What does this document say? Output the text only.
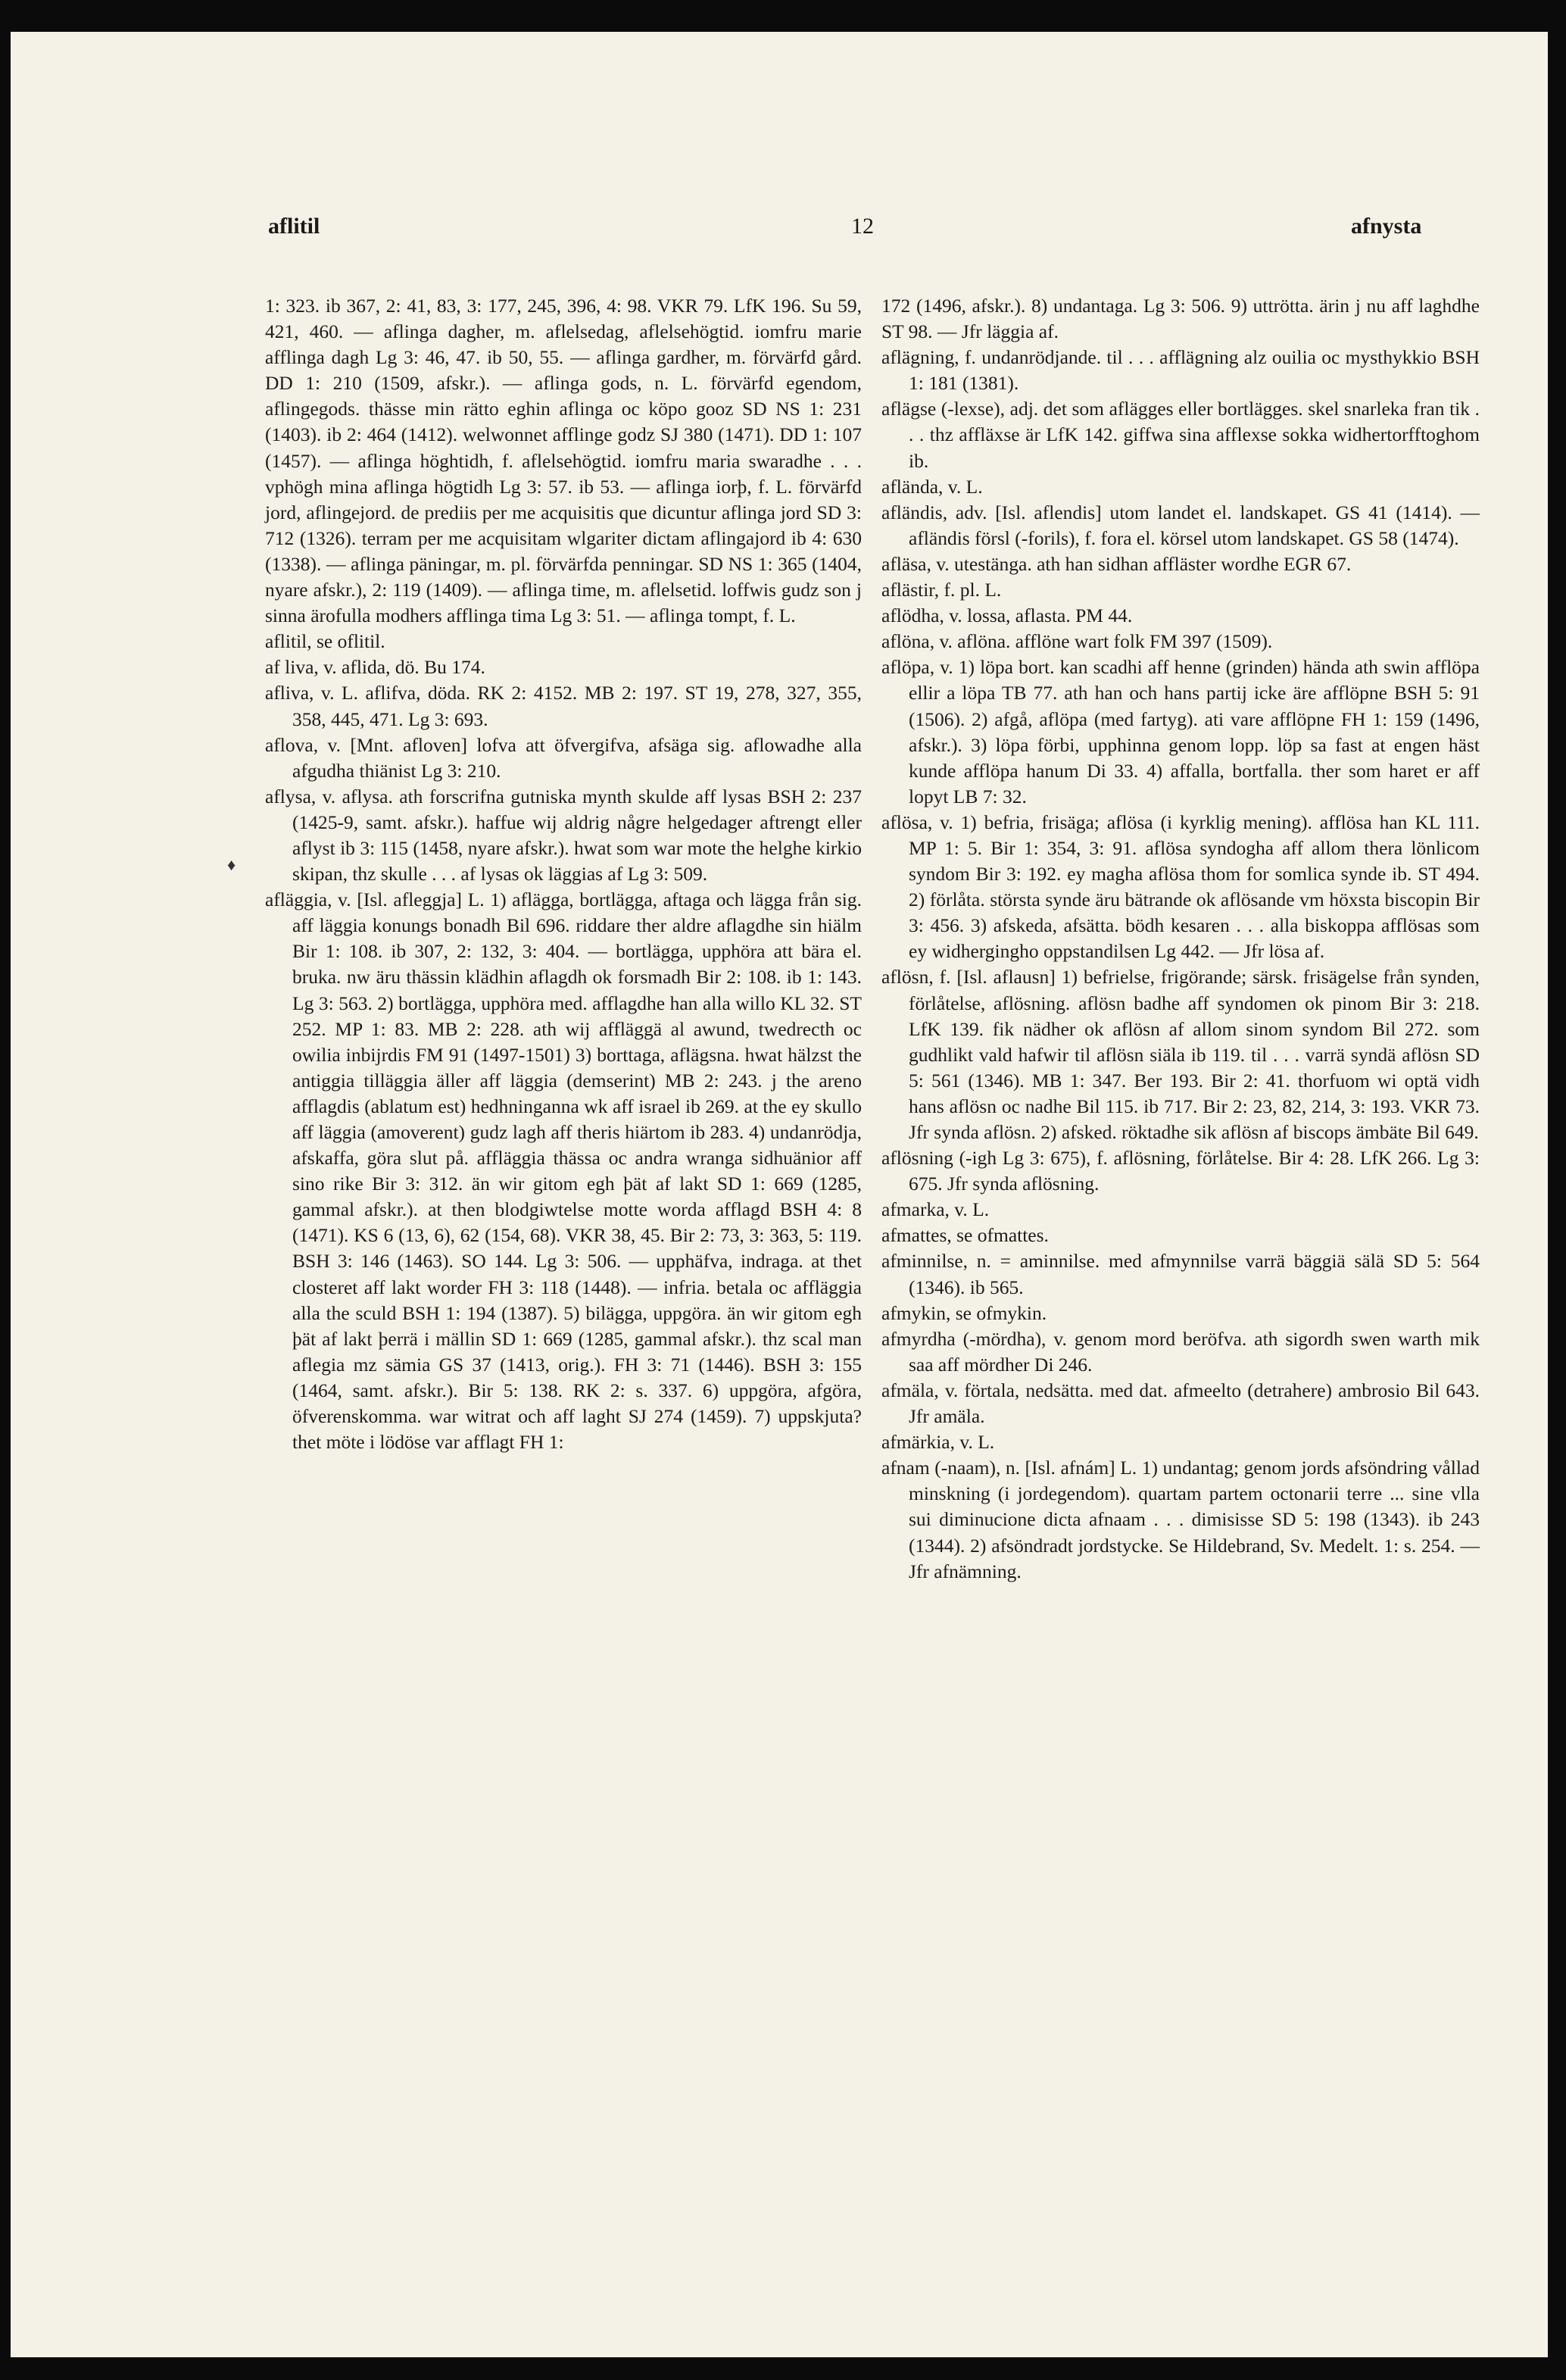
aflitil	12	afnysta
♦

1: 323. ib 367, 2: 41, 83, 3: 177, 245, 396, 4: 98. VKR 79. LfK 196. Su 59, 421, 460. — aflinga dagher, m. aflelsedag, aflelsehögtid. iomfru marie afflinga dagh Lg 3: 46, 47. ib 50, 55. — aflinga gardher, m. förvärfd gård. DD 1: 210 (1509, afskr.). — aflinga gods, n. L. förvärfd egendom, aflingegods. thässe min rätto eghin aflinga oc köpo gooz SD NS 1: 231 (1403). ib 2: 464 (1412). welwonnet afflinge godz SJ 380 (1471). DD 1: 107 (1457). — aflinga höghtidh, f. aflelsehögtid. iomfru maria swaradhe . . . vphögh mina aflinga högtidh Lg 3: 57. ib 53. — aflinga iorþ, f. L. förvärfd jord, aflingejord. de prediis per me acquisitis que dicuntur aflinga jord SD 3: 712 (1326). terram per me acquisitam wlgariter dictam aflingajord ib 4: 630 (1338). — aflinga päningar, m. pl. förvärfda penningar. SD NS 1: 365 (1404, nyare afskr.), 2: 119 (1409). — aflinga time, m. aflelsetid. loffwis gudz son j sinna ärofulla modhers afflinga tima Lg 3: 51. — aflinga tompt, f. L.

aflitil, se oflitil.

af liva, v. aflida, dö. Bu 174.

afliva, v. L. aflifva, döda. RK 2: 4152. MB 2: 197. ST 19, 278, 327, 355, 358, 445, 471. Lg 3: 693.

aflova, v. [Mnt. afloven] lofva att öfvergifva, afsäga sig. aflowadhe alla afgudha thiänist Lg 3: 210.

aflysa, v. aflysa. ath forscrifna gutniska mynth skulde aff lysas BSH 2: 237 (1425-9, samt. afskr.). haffue wij aldrig någre helgedager aftrengt eller aflyst ib 3: 115 (1458, nyare afskr.). hwat som war mote the helghe kirkio skipan, thz skulle . . . af lysas ok läggias af Lg 3: 509.

afläggia, v. [Isl. afleggja] L. 1) aflägga, bortlägga, aftaga och lägga från sig. aff läggia konungs bonadh Bil 696. riddare ther aldre aflagdhe sin hiälm Bir 1: 108. ib 307, 2: 132, 3: 404. — bortlägga, upphöra att bära el. bruka. nw äru thässin klädhin aflagdh ok forsmadh Bir 2: 108. ib 1: 143. Lg 3: 563. 2) bortlägga, upphöra med. afflagdhe han alla willo KL 32. ST 252. MP 1: 83. MB 2: 228. ath wij affläggä al awund, twedrecth oc owilia inbijrdis FM 91 (1497-1501) 3) borttaga, aflägsna. hwat hälzst the antiggia tilläggia äller aff läggia (demserint) MB 2: 243. j the areno afflagdis (ablatum est) hedhninganna wk aff israel ib 269. at the ey skullo aff läggia (amoverent) gudz lagh aff theris hiärtom ib 283. 4) undanrödja, afskaffa, göra slut på. affläggia thässa oc andra wranga sidhuänior aff sino rike Bir 3: 312. än wir gitom egh þät af lakt SD 1: 669 (1285, gammal afskr.). at then blodgiwtelse motte worda afflagd BSH 4: 8 (1471). KS 6 (13, 6), 62 (154, 68). VKR 38, 45. Bir 2: 73, 3: 363, 5: 119. BSH 3: 146 (1463). SO 144. Lg 3: 506. — upphäfva, indraga. at thet closteret aff lakt worder FH 3: 118 (1448). — infria. betala oc affläggia alla the sculd BSH 1: 194 (1387). 5) bilägga, uppgöra. än wir gitom egh þät af lakt þerrä i mällin SD 1: 669 (1285, gammal afskr.). thz scal man aflegia mz sämia GS 37 (1413, orig.). FH 3: 71 (1446). BSH 3: 155 (1464, samt. afskr.). Bir 5: 138. RK 2: s. 337. 6) uppgöra, afgöra, öfverenskomma. war witrat och aff laght SJ 274 (1459). 7) uppskjuta? thet möte i lödöse var afflagt FH 1:

172 (1496, afskr.). 8) undantaga. Lg 3: 506. 9) uttrötta. ärin j nu aff laghdhe ST 98. — Jfr läggia af.

aflägning, f. undanrödjande. til . . . afflägning alz ouilia oc mysthykkio BSH 1: 181 (1381).

aflägse (-lexse), adj. det som aflägges eller bortlägges. skel snarleka fran tik . . . thz affläxse är LfK 142. giffwa sina afflexse sokka widhertorfftoghom ib.

afländа, v. L.

afländis, adv. [Isl. aflendis] utom landet el. landskapet. GS 41 (1414). — afländis försl (-forils), f. fora el. körsel utom landskapet. GS 58 (1474).

afläsa, v. utestänga. ath han sidhan affläster wordhe EGR 67.

aflästir, f. pl. L.

aflödha, v. lossa, aflasta. PM 44.

aflöna, v. aflöna. afflöne wart folk FM 397 (1509).

aflöpa, v. 1) löpa bort. kan scadhi aff henne (grinden) hända ath swin afflöpa ellir a löpa TB 77. ath han och hans partij icke äre afflöpne BSH 5: 91 (1506). 2) afgå, aflöpa (med fartyg). ati vare afflöpne FH 1: 159 (1496, afskr.). 3) löpa förbi, upphinna genom lopp. löp sa fast at engen häst kunde afflöpa hanum Di 33. 4) affalla, bortfalla. ther som haret er aff lopyt LB 7: 32.

aflösa, v. 1) befria, frisäga; aflösa (i kyrklig mening). afflösa han KL 111. MP 1: 5. Bir 1: 354, 3: 91. aflösa syndogha aff allom thera lönlicom syndom Bir 3: 192. ey magha aflösa thom for somlica synde ib. ST 494. 2) förlåta. största synde äru bätrande ok aflösande vm höxsta biscopin Bir 3: 456. 3) afskeda, afsätta. bödh kesaren . . . alla biskoppa afflösas som ey widhergingho oppstandilsen Lg 442. — Jfr lösa af.

aflösn, f. [Isl. aflausn] 1) befrielse, frigörande; särsk. frisägelse från synden, förlåtelse, aflösning. aflösn badhe aff syndomen ok pinom Bir 3: 218. LfK 139. fik nädher ok aflösn af allom sinom syndom Bil 272. som gudhlikt vald hafwir til aflösn siäla ib 119. til . . . varrä syndä aflösn SD 5: 561 (1346). MB 1: 347. Ber 193. Bir 2: 41. thorfuom wi optä vidh hans aflösn oc nadhe Bil 115. ib 717. Bir 2: 23, 82, 214, 3: 193. VKR 73. Jfr synda aflösn. 2) afsked. röktadhe sik aflösn af biscops ämbäte Bil 649.

aflösning (-igh Lg 3: 675), f. aflösning, förlåtelse. Bir 4: 28. LfK 266. Lg 3: 675. Jfr synda aflösning.

afmarka, v. L.

afmattes, se ofmattes.

afminnilse, n. = aminnilse. med afmynnilse varrä bäggiä sälä SD 5: 564 (1346). ib 565.

afmykin, se ofmykin.

afmyrdha (-mördha), v. genom mord beröfva. ath sigordh swen warth mik saa aff mördher Di 246.

afmäla, v. förtala, nedsätta. med dat. afmeelto (detrahere) ambrosio Bil 643. Jfr amäla.

afmärkia, v. L.

afnam (-naam), n. [Isl. afnám] L. 1) undantag; genom jords afsöndring vållad minskning (i jordegendom). quartam partem octonarii terre ... sine vlla sui diminucione dicta afnaam . . . dimisisse SD 5: 198 (1343). ib 243 (1344). 2) afsöndradt jordstycke. Se Hildebrand, Sv. Medelt. 1: s. 254. — Jfr afnämning.
